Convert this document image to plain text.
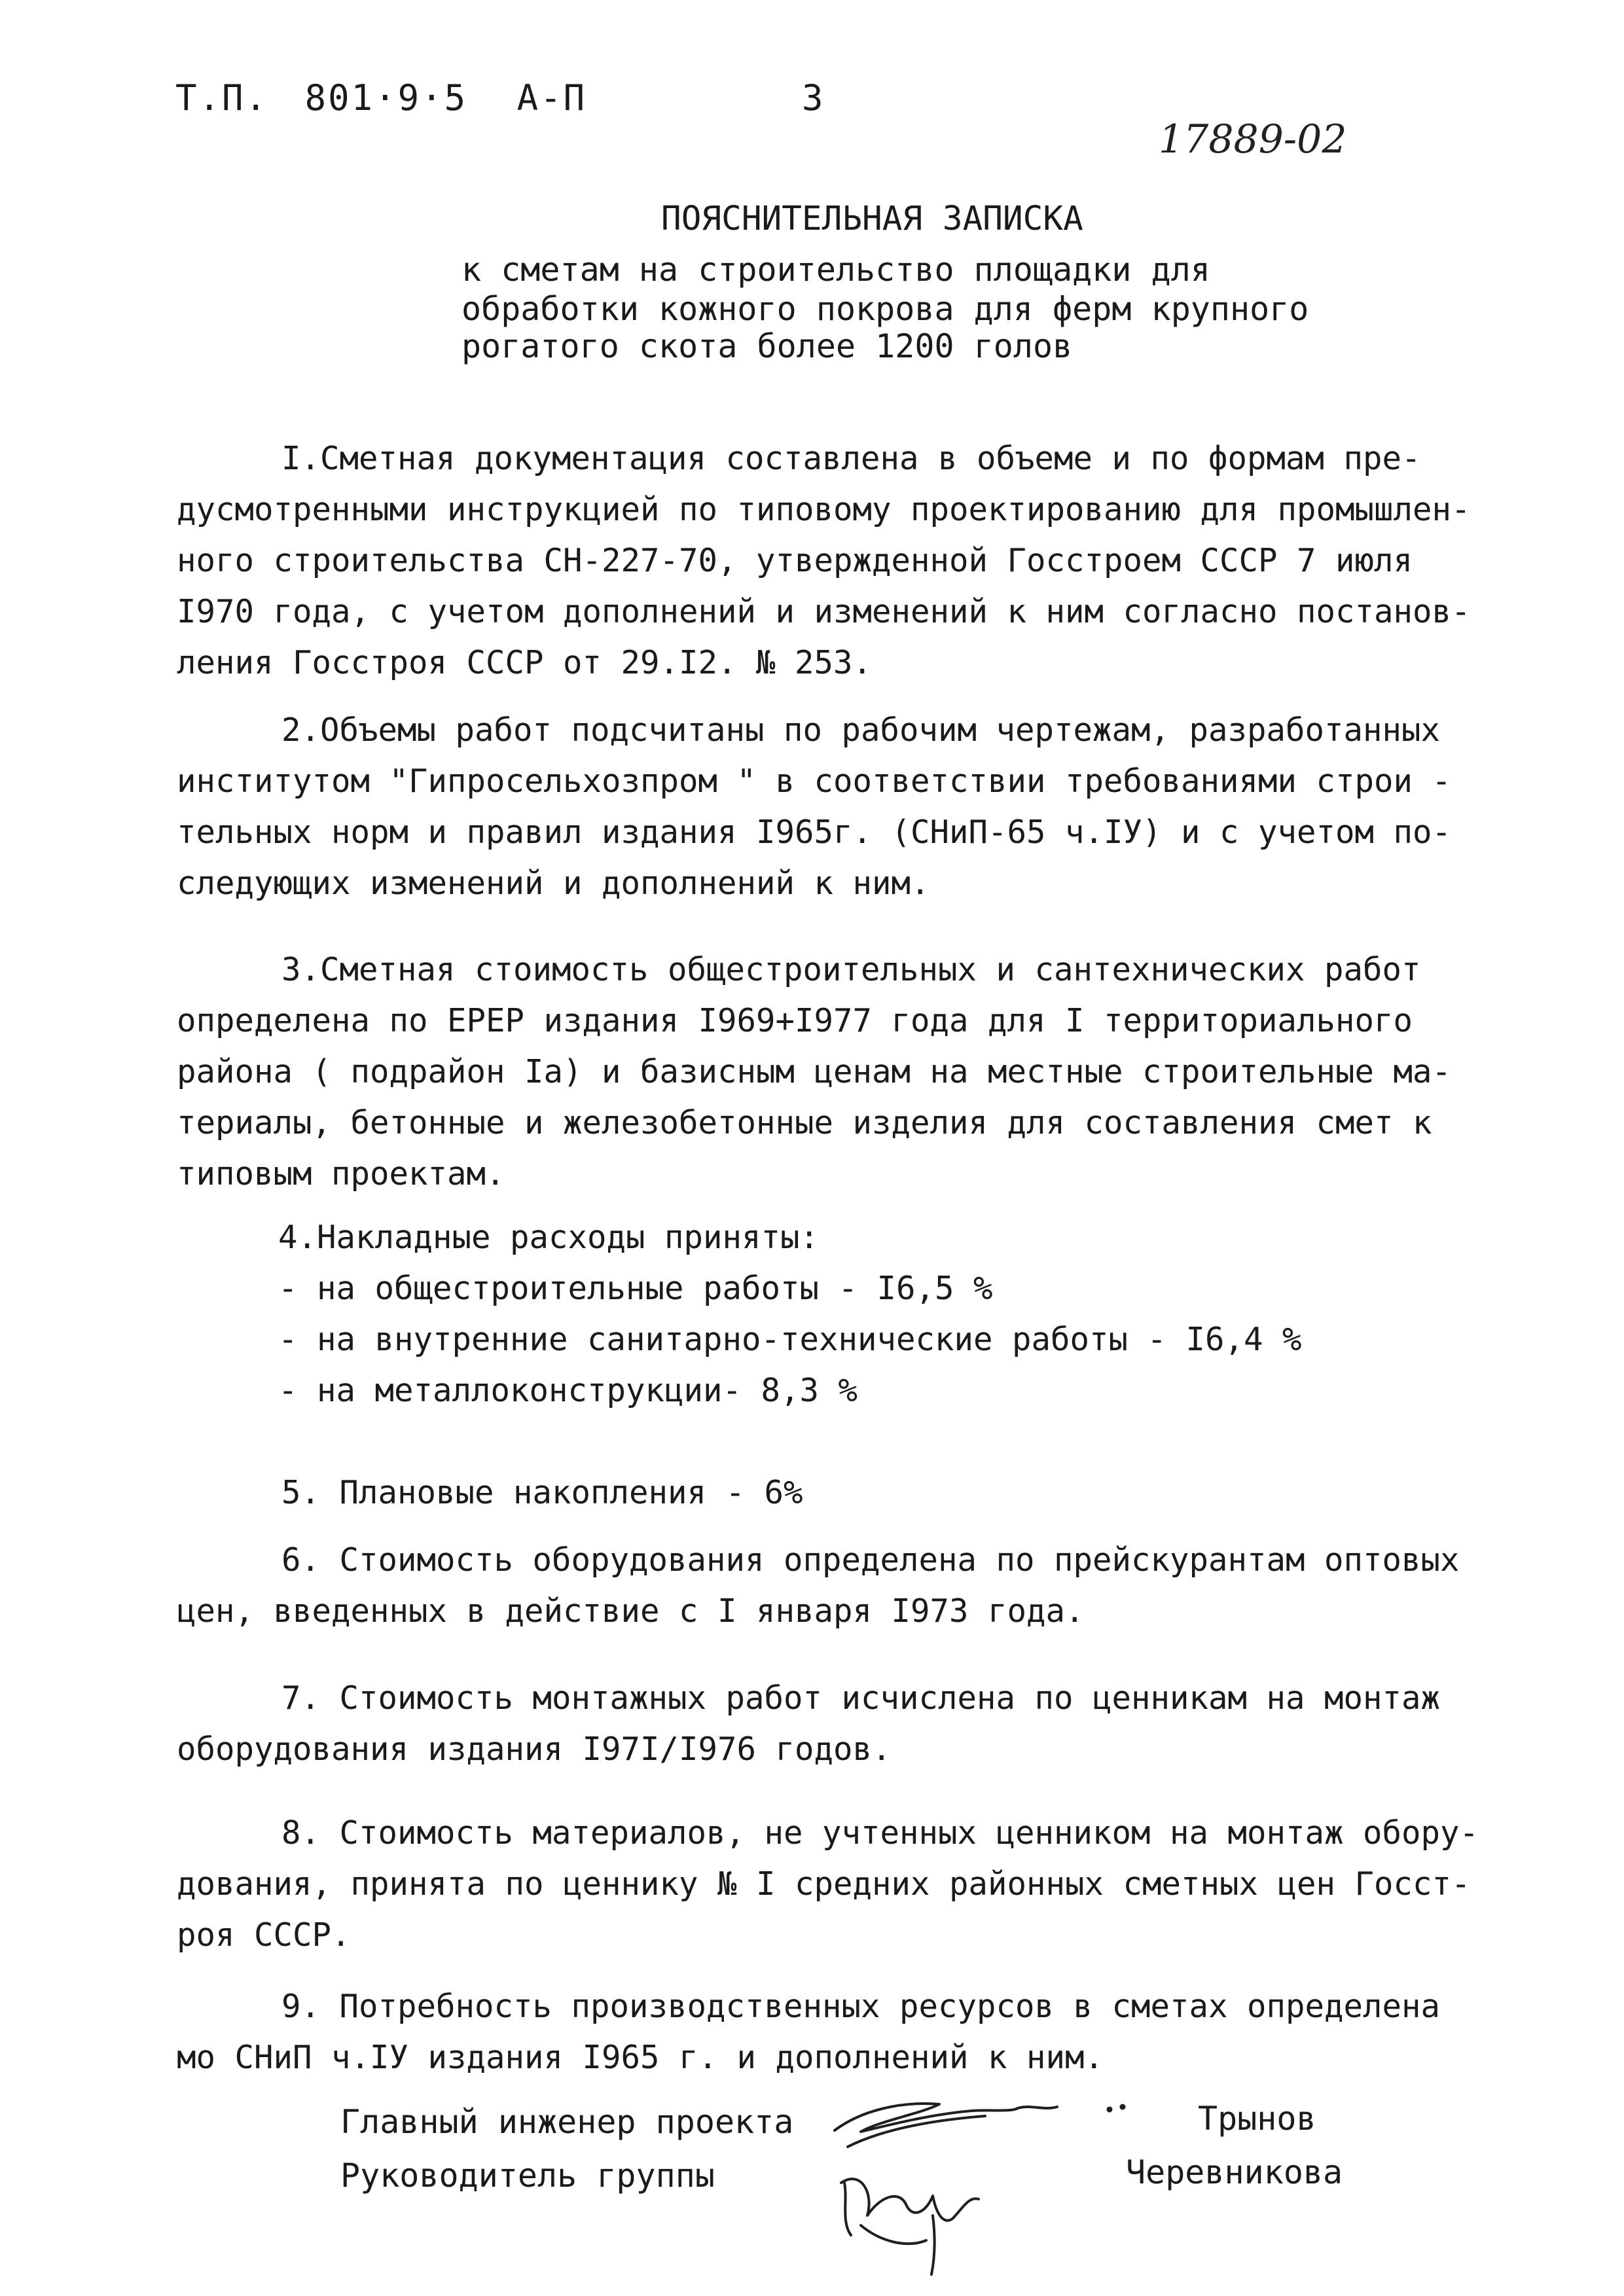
Т.П. 801·9·5 А-П	3
17889-02
ПОЯСНИТЕЛЬНАЯ ЗАПИСКА
к сметам на строительство площадки для
обработки кожного покрова для ферм крупного
рогатого скота более 1200 голов
I.Сметная документация составлена в объеме и по формам пре-
дусмотренными инструкцией по типовому проектированию для промышлен-
ного строительства СН-227-70, утвержденной Госстроем СССР 7 июля
I970 года, с учетом дополнений и изменений к ним согласно постанов-
ления Госстроя СССР от 29.I2. № 253.
2.Объемы работ подсчитаны по рабочим чертежам, разработанных
институтом "Гипросельхозпром " в соответствии требованиями строи -
тельных норм и правил издания I965г. (СНиП-65 ч.IУ) и с учетом по-
следующих изменений и дополнений к ним.
3.Сметная стоимость общестроительных и сантехнических работ
определена по ЕРЕР издания I969+I977 года для I территориального
района ( подрайон Iа) и базисным ценам на местные строительные ма-
териалы, бетонные и железобетонные изделия для составления смет к
типовым проектам.
4.Накладные расходы приняты:
- на общестроительные работы - I6,5 %
- на внутренние санитарно-технические работы - I6,4 %
- на металлоконструкции- 8,3 %
5. Плановые накопления - 6%
6. Стоимость оборудования определена по прейскурантам оптовых
цен, введенных в действие с I января I973 года.
7. Стоимость монтажных работ исчислена по ценникам на монтаж
оборудования издания I97I/I976 годов.
8. Стоимость материалов, не учтенных ценником на монтаж обору-
дования, принята по ценнику № I средних районных сметных цен Госст-
роя СССР.
9. Потребность производственных ресурсов в сметах определена
мо СНиП ч.IУ издания I965 г. и дополнений к ним.
Главный инженер проекта	Трынов
Руководитель группы	Черевникова
